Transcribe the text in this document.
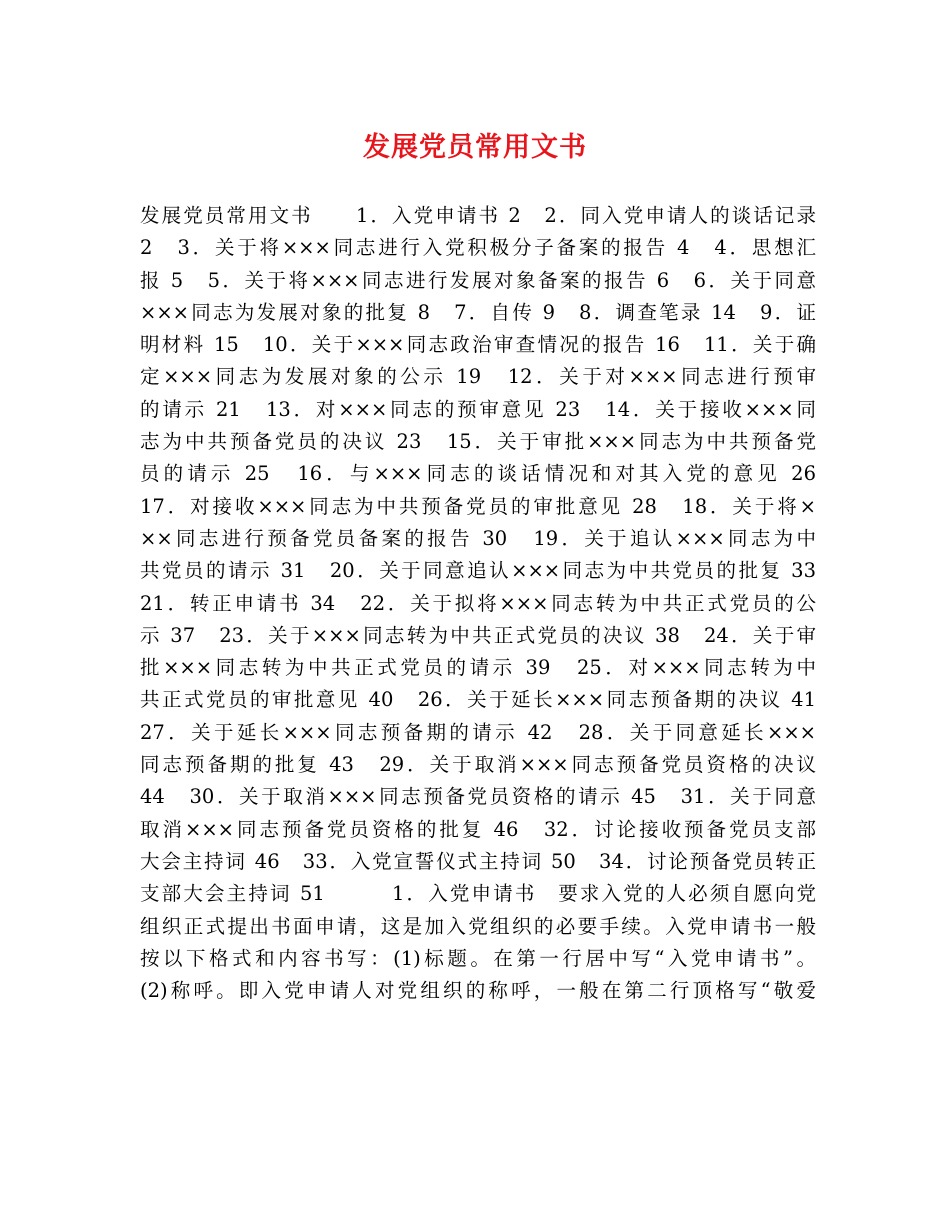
发展党员常用文书
发展党员常用文书　　1．入党申请书 2　2．同入党申请人的谈话记录
2　3．关于将×××同志进行入党积极分子备案的报告 4　4．思想汇
报 5　5．关于将×××同志进行发展对象备案的报告 6　6．关于同意
×××同志为发展对象的批复 8　7．自传 9　8．调查笔录 14　9．证
明材料 15　10．关于×××同志政治审查情况的报告 16　11．关于确
定×××同志为发展对象的公示 19　12．关于对×××同志进行预审
的请示 21　13．对×××同志的预审意见 23　14．关于接收×××同
志为中共预备党员的决议 23　15．关于审批×××同志为中共预备党
员的请示 25　16．与×××同志的谈话情况和对其入党的意见 26
17．对接收×××同志为中共预备党员的审批意见 28　18．关于将×
××同志进行预备党员备案的报告 30　19．关于追认×××同志为中
共党员的请示 31　20．关于同意追认×××同志为中共党员的批复 33
21．转正申请书 34　22．关于拟将×××同志转为中共正式党员的公
示 37　23．关于×××同志转为中共正式党员的决议 38　24．关于审
批×××同志转为中共正式党员的请示 39　25．对×××同志转为中
共正式党员的审批意见 40　26．关于延长×××同志预备期的决议 41
27．关于延长×××同志预备期的请示 42　28．关于同意延长×××
同志预备期的批复 43　29．关于取消×××同志预备党员资格的决议
44　30．关于取消×××同志预备党员资格的请示 45　31．关于同意
取消×××同志预备党员资格的批复 46　32．讨论接收预备党员支部
大会主持词 46　33．入党宣誓仪式主持词 50　34．讨论预备党员转正
支部大会主持词 51　　　1．入党申请书　要求入党的人必须自愿向党
组织正式提出书面申请，这是加入党组织的必要手续。入党申请书一般
按以下格式和内容书写：(1)标题。在第一行居中写“入党申请书”。
(2)称呼。即入党申请人对党组织的称呼，一般在第二行顶格写“敬爱
